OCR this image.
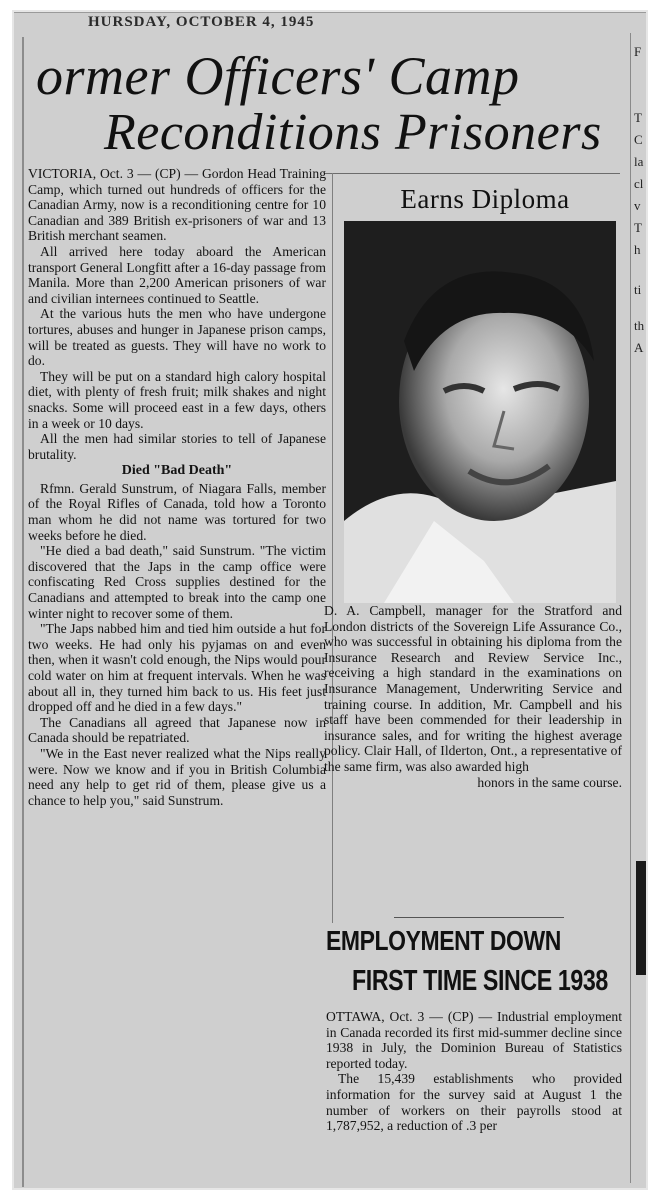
HURSDAY, OCTOBER 4, 1945
ormer Officers' Camp
Reconditions Prisoners

VICTORIA, Oct. 3 — (CP) — Gordon Head Training Camp, which turned out hundreds of officers for the Canadian Army, now is a reconditioning centre for 10 Canadian and 389 British ex-prisoners of war and 13 British merchant seamen.

All arrived here today aboard the American transport General Longfitt after a 16-day passage from Manila. More than 2,200 American prisoners of war and civilian internees continued to Seattle.

At the various huts the men who have undergone tortures, abuses and hunger in Japanese prison camps, will be treated as guests. They will have no work to do.

They will be put on a standard high calory hospital diet, with plenty of fresh fruit; milk shakes and night snacks. Some will proceed east in a few days, others in a week or 10 days.

All the men had similar stories to tell of Japanese brutality.

Died "Bad Death"

Rfmn. Gerald Sunstrum, of Niagara Falls, member of the Royal Rifles of Canada, told how a Toronto man whom he did not name was tortured for two weeks before he died.

"He died a bad death," said Sunstrum. "The victim discovered that the Japs in the camp office were confiscating Red Cross supplies destined for the Canadians and attempted to break into the camp one winter night to recover some of them.

"The Japs nabbed him and tied him outside a hut for two weeks. He had only his pyjamas on and even then, when it wasn't cold enough, the Nips would pour cold water on him at frequent intervals. When he was about all in, they turned him back to us. His feet just dropped off and he died in a few days."

The Canadians all agreed that Japanese now in Canada should be repatriated.

"We in the East never realized what the Nips really were. Now we know and if you in British Columbia need any help to get rid of them, please give us a chance to help you," said Sunstrum.

Earns Diploma

D. A. Campbell, manager for the Stratford and London districts of the Sovereign Life Assurance Co., who was successful in obtaining his diploma from the Insurance Research and Review Service Inc., receiving a high standard in the examinations on Insurance Management, Underwriting Service and training course. In addition, Mr. Campbell and his staff have been commended for their leadership in insurance sales, and for writing the highest average policy. Clair Hall, of Ilderton, Ont., a representative of the same firm, was also awarded high

honors in the same course.

EMPLOYMENT DOWN
FIRST TIME SINCE 1938

OTTAWA, Oct. 3 — (CP) — Industrial employment in Canada recorded its first mid-summer decline since 1938 in July, the Dominion Bureau of Statistics reported today.

The 15,439 establishments who provided information for the survey said at August 1 the number of workers on their payrolls stood at 1,787,952, a reduction of .3 per

F
T
C
la
cl
v
T
h
ti
th
A
